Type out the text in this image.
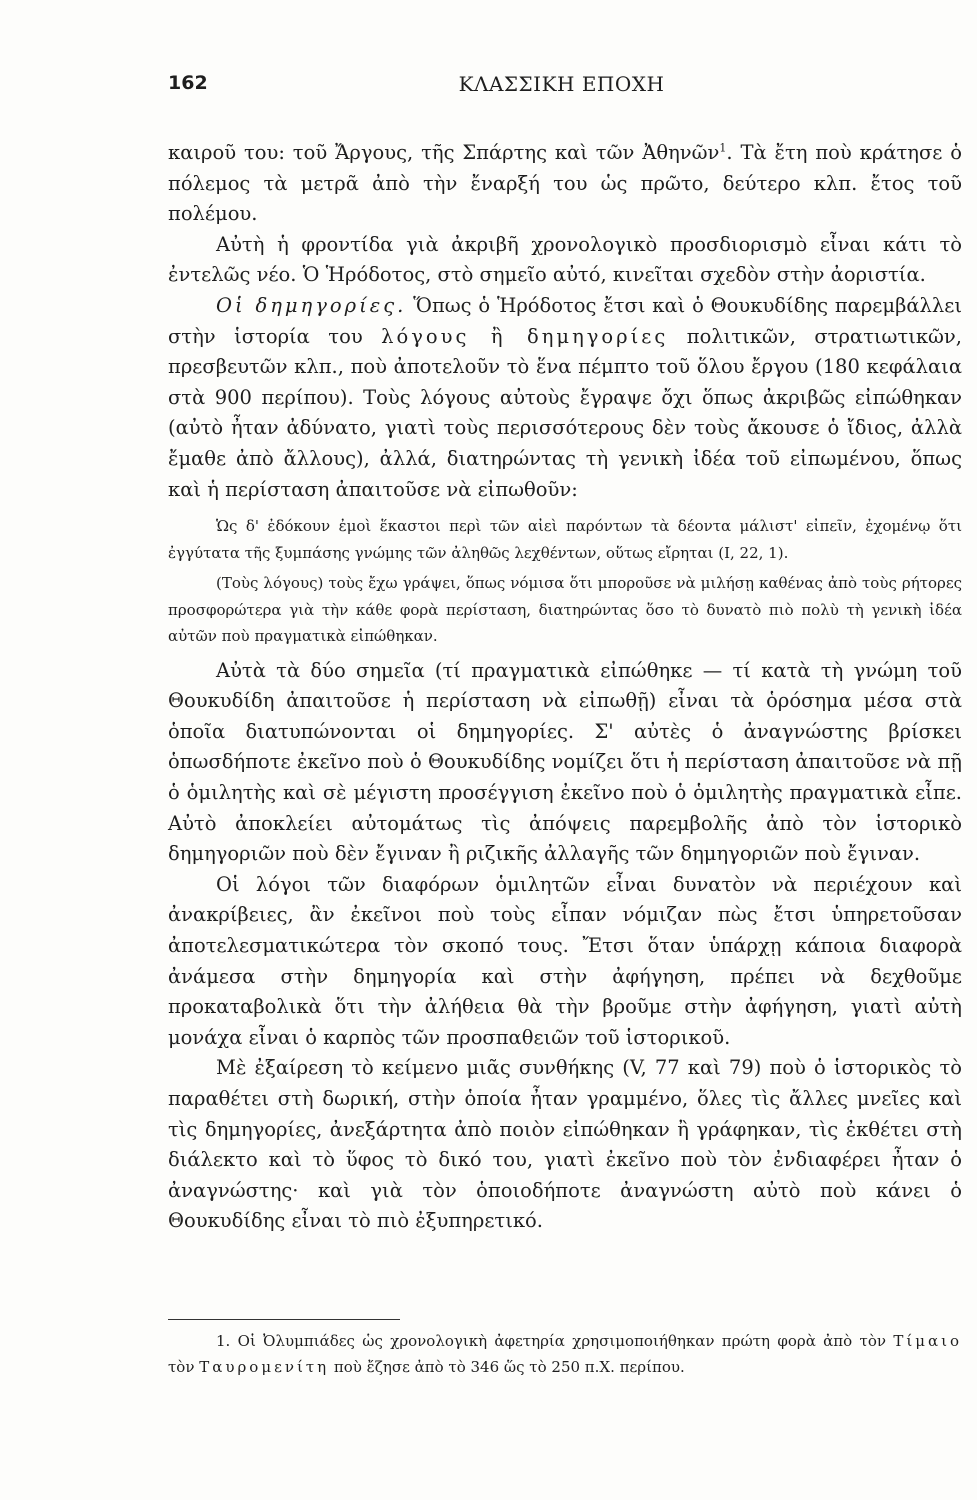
162	ΚΛΑΣΣΙΚΗ ΕΠΟΧΗ

καιροῦ του: τοῦ Ἄργους, τῆς Σπάρτης καὶ τῶν Ἀθηνῶν$^1$. Τὰ ἔτη ποὺ κράτησε ὁ πόλεμος τὰ μετρᾶ ἀπὸ τὴν ἔναρξή του ὡς πρῶτο, δεύτερο κλπ. ἔτος τοῦ πολέμου.

Αὐτὴ ἡ φροντίδα γιὰ ἀκριβῆ χρονολογικὸ προσδιορισμὸ εἶναι κάτι τὸ ἐντελῶς νέο. Ὁ Ἡρόδοτος, στὸ σημεῖο αὐτό, κινεῖται σχεδὸν στὴν ἀοριστία.

Οἱ δημηγορίες. Ὅπως ὁ Ἡρόδοτος ἔτσι καὶ ὁ Θουκυδίδης παρεμβάλλει στὴν ἱστορία του λόγους ἢ δημηγορίες πολιτικῶν, στρατιωτικῶν, πρεσβευτῶν κλπ., ποὺ ἀποτελοῦν τὸ ἕνα πέμπτο τοῦ ὅλου ἔργου (180 κεφάλαια στὰ 900 περίπου). Τοὺς λόγους αὐτοὺς ἔγραψε ὄχι ὅπως ἀκριβῶς εἰπώθηκαν (αὐτὸ ἦταν ἀδύνατο, γιατὶ τοὺς περισσότερους δὲν τοὺς ἄκουσε ὁ ἴδιος, ἀλλὰ ἔμαθε ἀπὸ ἄλλους), ἀλλά, διατηρώντας τὴ γενικὴ ἰδέα τοῦ εἰπωμένου, ὅπως καὶ ἡ περίσταση ἀπαιτοῦσε νὰ εἰπωθοῦν:

Ὡς δ' ἐδόκουν ἐμοὶ ἕκαστοι περὶ τῶν αἰεὶ παρόντων τὰ δέοντα μάλιστ' εἰπεῖν, ἐχομένῳ ὅτι ἐγγύτατα τῆς ξυμπάσης γνώμης τῶν ἀληθῶς λεχθέντων, οὕτως εἴρηται (Ι, 22, 1).

(Τοὺς λόγους) τοὺς ἔχω γράψει, ὅπως νόμισα ὅτι μποροῦσε νὰ μιλήσῃ καθένας ἀπὸ τοὺς ρήτορες προσφορώτερα γιὰ τὴν κάθε φορὰ περίσταση, διατηρώντας ὅσο τὸ δυνατὸ πιὸ πολὺ τὴ γενικὴ ἰδέα αὐτῶν ποὺ πραγματικὰ εἰπώθηκαν.

Αὐτὰ τὰ δύο σημεῖα (τί πραγματικὰ εἰπώθηκε — τί κατὰ τὴ γνώμη τοῦ Θουκυδίδη ἀπαιτοῦσε ἡ περίσταση νὰ εἰπωθῇ) εἶναι τὰ ὁρόσημα μέσα στὰ ὁποῖα διατυπώνονται οἱ δημηγορίες. Σ' αὐτὲς ὁ ἀναγνώστης βρίσκει ὁπωσδήποτε ἐκεῖνο ποὺ ὁ Θουκυδίδης νομίζει ὅτι ἡ περίσταση ἀπαιτοῦσε νὰ πῇ ὁ ὁμιλητὴς καὶ σὲ μέγιστη προσέγγιση ἐκεῖνο ποὺ ὁ ὁμιλητὴς πραγματικὰ εἶπε. Αὐτὸ ἀποκλείει αὐτομάτως τὶς ἀπόψεις παρεμβολῆς ἀπὸ τὸν ἱστορικὸ δημηγοριῶν ποὺ δὲν ἔγιναν ἢ ριζικῆς ἀλλαγῆς τῶν δημηγοριῶν ποὺ ἔγιναν.

Οἱ λόγοι τῶν διαφόρων ὁμιλητῶν εἶναι δυνατὸν νὰ περιέχουν καὶ ἀνακρίβειες, ἂν ἐκεῖνοι ποὺ τοὺς εἶπαν νόμιζαν πὼς ἔτσι ὑπηρετοῦσαν ἀποτελεσματικώτερα τὸν σκοπό τους. Ἔτσι ὅταν ὑπάρχῃ κάποια διαφορὰ ἀνάμεσα στὴν δημηγορία καὶ στὴν ἀφήγηση, πρέπει νὰ δεχθοῦμε προκαταβολικὰ ὅτι τὴν ἀλήθεια θὰ τὴν βροῦμε στὴν ἀφήγηση, γιατὶ αὐτὴ μονάχα εἶναι ὁ καρπὸς τῶν προσπαθειῶν τοῦ ἱστορικοῦ.

Μὲ ἐξαίρεση τὸ κείμενο μιᾶς συνθήκης (V, 77 καὶ 79) ποὺ ὁ ἱστορικὸς τὸ παραθέτει στὴ δωρική, στὴν ὁποία ἦταν γραμμένο, ὅλες τὶς ἄλλες μνεῖες καὶ τὶς δημηγορίες, ἀνεξάρτητα ἀπὸ ποιὸν εἰπώθηκαν ἢ γράφηκαν, τὶς ἐκθέτει στὴ διάλεκτο καὶ τὸ ὕφος τὸ δικό του, γιατὶ ἐκεῖνο ποὺ τὸν ἐνδιαφέρει ἦταν ὁ ἀναγνώστης· καὶ γιὰ τὸν ὁποιοδήποτε ἀναγνώστη αὐτὸ ποὺ κάνει ὁ Θουκυδίδης εἶναι τὸ πιὸ ἐξυπηρετικό.

1. Οἱ Ὀλυμπιάδες ὡς χρονολογικὴ ἀφετηρία χρησιμοποιήθηκαν πρώτη φορὰ ἀπὸ τὸν Τίμαιο τὸν Ταυρομενίτη ποὺ ἔζησε ἀπὸ τὸ 346 ὥς τὸ 250 π.Χ. περίπου.
